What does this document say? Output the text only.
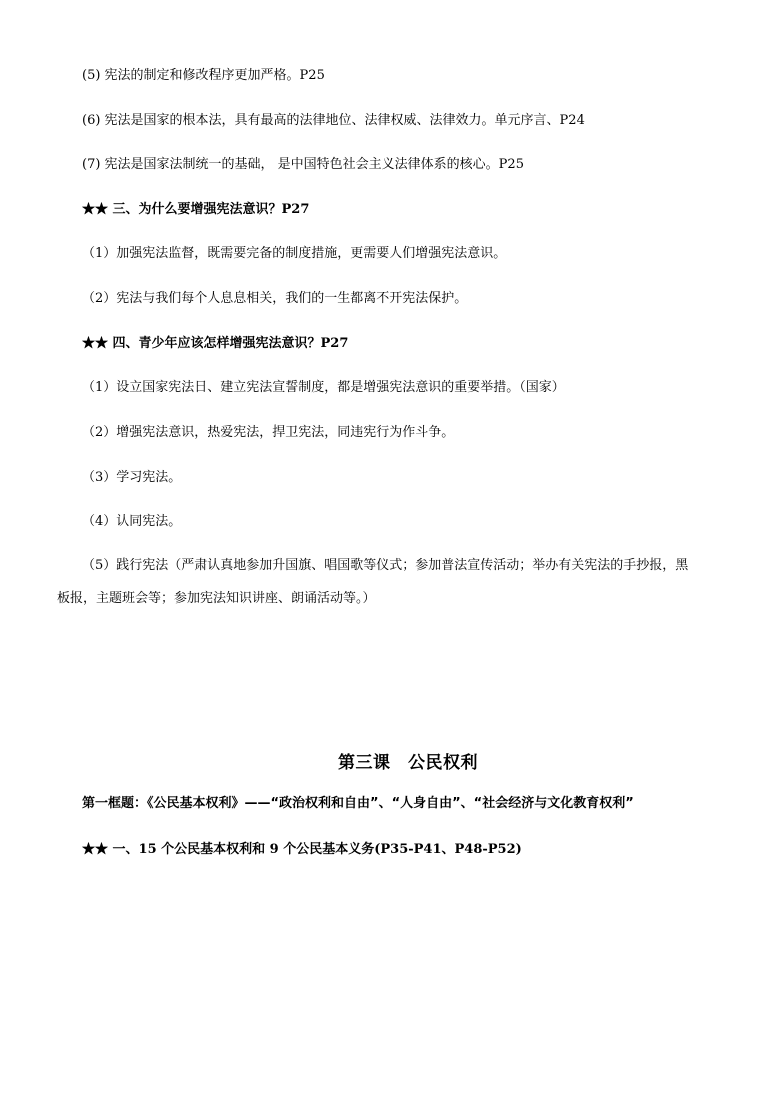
(5) 宪法的制定和修改程序更加严格。P25
(6) 宪法是国家的根本法，具有最高的法律地位、法律权威、法律效力。单元序言、P24
(7) 宪法是国家法制统一的基础， 是中国特色社会主义法律体系的核心。P25
★★ 三、为什么要增强宪法意识？P27
（1）加强宪法监督，既需要完备的制度措施，更需要人们增强宪法意识。
（2）宪法与我们每个人息息相关，我们的一生都离不开宪法保护。
★★ 四、青少年应该怎样增强宪法意识？P27
（1）设立国家宪法日、建立宪法宣誓制度，都是增强宪法意识的重要举措。（国家）
（2）增强宪法意识，热爱宪法，捍卫宪法，同违宪行为作斗争。
（3）学习宪法。
（4）认同宪法。
（5）践行宪法（严肃认真地参加升国旗、唱国歌等仪式；参加普法宣传活动；举办有关宪法的手抄报，黑
板报，主题班会等；参加宪法知识讲座、朗诵活动等。）
第三课　公民权利
第一框题：《公民基本权利》——“政治权利和自由”、“人身自由”、“社会经济与文化教育权利”
★★ 一、15 个公民基本权利和 9 个公民基本义务(P35-P41、P48-P52)
